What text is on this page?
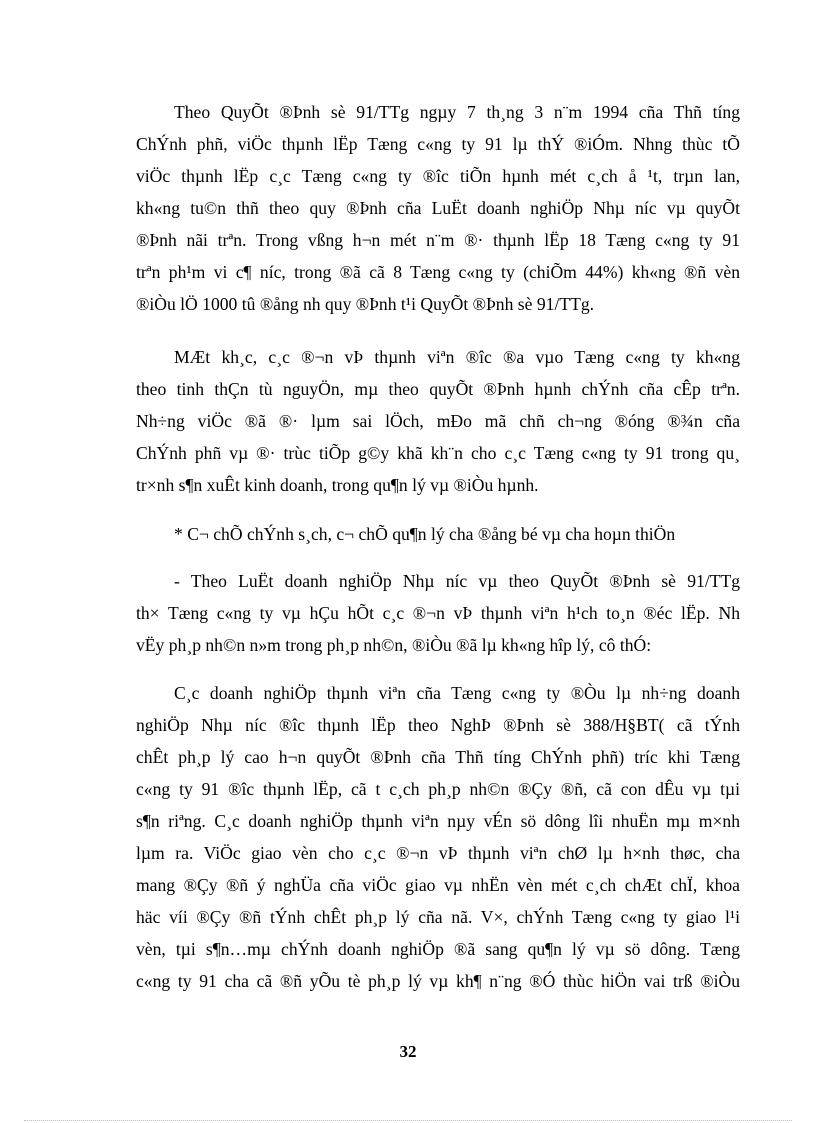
Theo QuyÕt ®Þnh sè 91/TTg ngµy 7 th¸ng 3 n¨m 1994 cña Thñ tíng
ChÝnh phñ, viÖc thµnh lËp Tæng c«ng ty 91 lµ thÝ ®iÓm. Nhng thùc tÕ
viÖc thµnh lËp c¸c Tæng c«ng ty ®îc tiÕn hµnh mét c¸ch å ¹t, trµn lan,
kh«ng tu©n thñ theo quy ®Þnh cña LuËt doanh nghiÖp Nhµ níc vµ quyÕt
®Þnh nãi trªn. Trong vßng h¬n mét n¨m ®· thµnh lËp 18 Tæng c«ng ty 91
trªn ph¹m vi c¶ níc, trong ®ã cã 8 Tæng c«ng ty (chiÕm 44%) kh«ng ®ñ vèn

®iÒu lÖ 1000 tû ®ång nh quy ®Þnh t¹i QuyÕt ®Þnh sè 91/TTg.

MÆt kh¸c, c¸c ®¬n vÞ thµnh viªn ®îc ®a vµo Tæng c«ng ty kh«ng
theo tinh thÇn tù nguyÖn, mµ theo quyÕt ®Þnh hµnh chÝnh cña cÊp trªn.
Nh÷ng viÖc ®ã ®· lµm sai lÖch, mÐo mã chñ ch¬ng ®óng ®¾n cña
ChÝnh phñ vµ ®· trùc tiÕp g©y khã kh¨n cho c¸c Tæng c«ng ty 91 trong qu¸

tr×nh s¶n xuÊt kinh doanh, trong qu¶n lý vµ ®iÒu hµnh.

* C¬ chÕ chÝnh s¸ch, c¬ chÕ qu¶n lý cha ®ång bé vµ cha hoµn thiÖn

- Theo LuËt doanh nghiÖp Nhµ níc vµ theo QuyÕt ®Þnh sè 91/TTg
th× Tæng c«ng ty vµ hÇu hÕt c¸c ®¬n vÞ thµnh viªn h¹ch to¸n ®éc lËp. Nh

vËy ph¸p nh©n n»m trong ph¸p nh©n, ®iÒu ®ã lµ kh«ng hîp lý, cô thÓ:

C¸c doanh nghiÖp thµnh viªn cña Tæng c«ng ty ®Òu lµ nh÷ng doanh
nghiÖp Nhµ níc ®îc thµnh lËp theo NghÞ ®Þnh sè 388/H§BT( cã tÝnh
chÊt ph¸p lý cao h¬n quyÕt ®Þnh cña Thñ tíng ChÝnh phñ) tríc khi Tæng
c«ng ty 91 ®îc thµnh lËp, cã t c¸ch ph¸p nh©n ®Çy ®ñ, cã con dÊu vµ tµi
s¶n riªng. C¸c doanh nghiÖp thµnh viªn nµy vÉn sö dông lîi nhuËn mµ m×nh
lµm ra. ViÖc giao vèn cho c¸c ®¬n vÞ thµnh viªn chØ lµ h×nh thøc, cha
mang ®Çy ®ñ ý nghÜa cña viÖc giao vµ nhËn vèn mét c¸ch chÆt chÏ, khoa
häc víi ®Çy ®ñ tÝnh chÊt ph¸p lý cña nã. V×, chÝnh Tæng c«ng ty giao l¹i
vèn, tµi s¶n…mµ chÝnh doanh nghiÖp ®ã sang qu¶n lý vµ sö dông. Tæng
c«ng ty 91 cha cã ®ñ yÕu tè ph¸p lý vµ kh¶ n¨ng ®Ó thùc hiÖn vai trß ®iÒu

32
